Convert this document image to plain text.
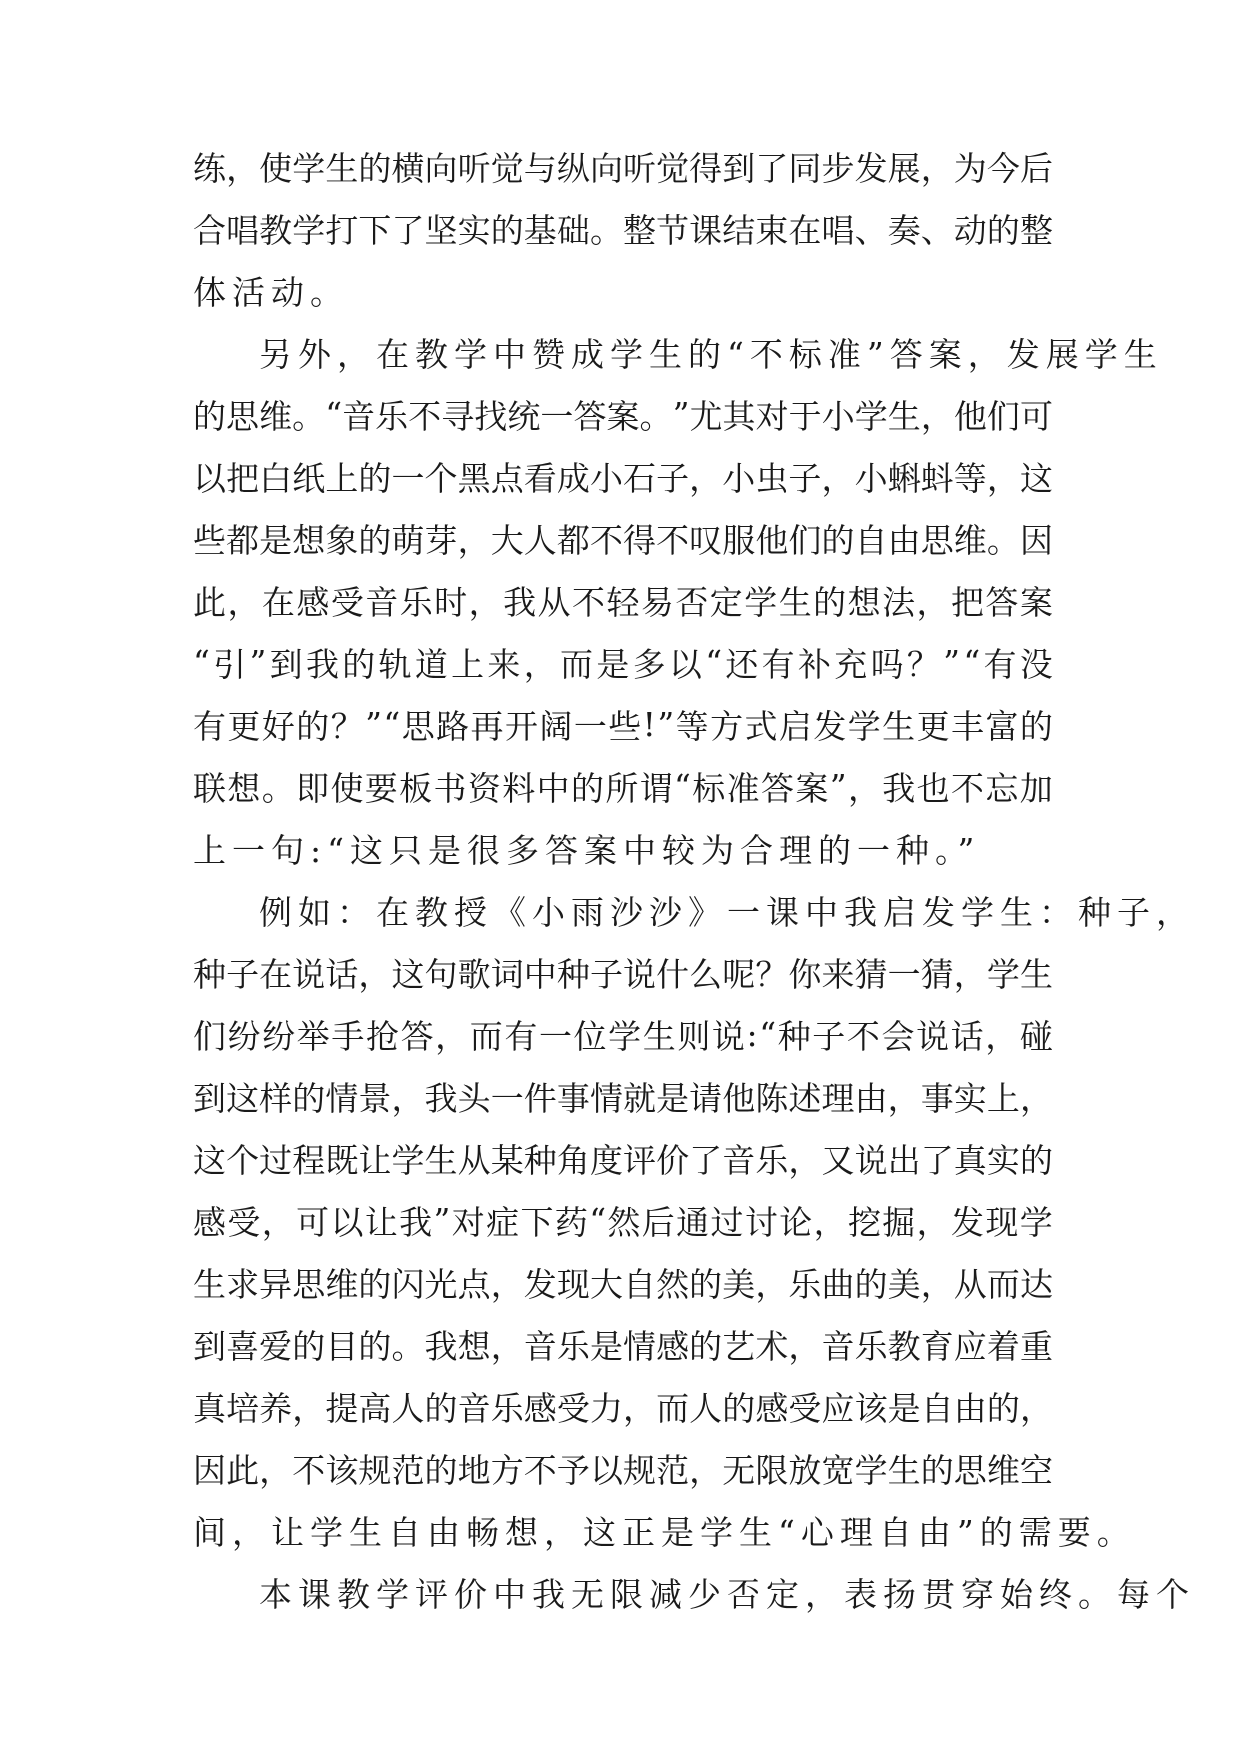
练 ， 使 学 生 的 横 向 听 觉 与 纵 向 听 觉 得 到 了 同 步 发 展 ， 为 今 后
合 唱 教 学 打 下 了 坚 实 的 基 础 。 整 节 课 结 束 在 唱 、 奏 、 动 的 整
体活动。
另外，在教学中赞成学生的“不标准”答案，发展学生
的 思 维 。 “ 音 乐 不 寻 找 统 一 答 案 。 ” 尤 其 对 于 小 学 生 ， 他 们 可
以 把 白 纸 上 的 一 个 黑 点 看 成 小 石 子 ， 小 虫 子 ， 小 蝌 蚪 等 ， 这
些 都 是 想 象 的 萌 芽 ， 大 人 都 不 得 不 叹 服 他 们 的 自 由 思 维 。 因
此 ， 在 感 受 音 乐 时 ， 我 从 不 轻 易 否 定 学 生 的 想 法 ， 把 答 案
“ 引 ” 到 我 的 轨 道 上 来 ， 而 是 多 以 “ 还 有 补 充 吗 ？ ” “ 有 没
有 更 好 的 ？ ” “ 思 路 再 开 阔 一 些 ! ” 等 方 式 启 发 学 生 更 丰 富 的
联 想 。 即 使 要 板 书 资 料 中 的 所 谓 “ 标 准 答 案 ” ， 我 也 不 忘 加
上一句:“这只是很多答案中较为合理的一种。”
例如：在教授《小雨沙沙》一课中我启发学生：种子，
种 子 在 说 话 ， 这 句 歌 词 中 种 子 说 什 么 呢 ？ 你 来 猜 一 猜 ， 学 生
们 纷 纷 举 手 抢 答 ， 而 有 一 位 学 生 则 说 : “ 种 子 不 会 说 话 ， 碰
到 这 样 的 情 景 ， 我 头 一 件 事 情 就 是 请 他 陈 述 理 由 ， 事 实 上 ，
这 个 过 程 既 让 学 生 从 某 种 角 度 评 价 了 音 乐 ， 又 说 出 了 真 实 的
感 受 ， 可 以 让 我 ” 对 症 下 药 “ 然 后 通 过 讨 论 ， 挖 掘 ， 发 现 学
生 求 异 思 维 的 闪 光 点 ， 发 现 大 自 然 的 美 ， 乐 曲 的 美 ， 从 而 达
到 喜 爱 的 目 的 。 我 想 ， 音 乐 是 情 感 的 艺 术 ， 音 乐 教 育 应 着 重
真 培 养 ， 提 高 人 的 音 乐 感 受 力 ， 而 人 的 感 受 应 该 是 自 由 的 ，
因 此 ， 不 该 规 范 的 地 方 不 予 以 规 范 ， 无 限 放 宽 学 生 的 思 维 空
间，让学生自由畅想，这正是学生“心理自由”的需要。
本课教学评价中我无限减少否定，表扬贯穿始终。每个
